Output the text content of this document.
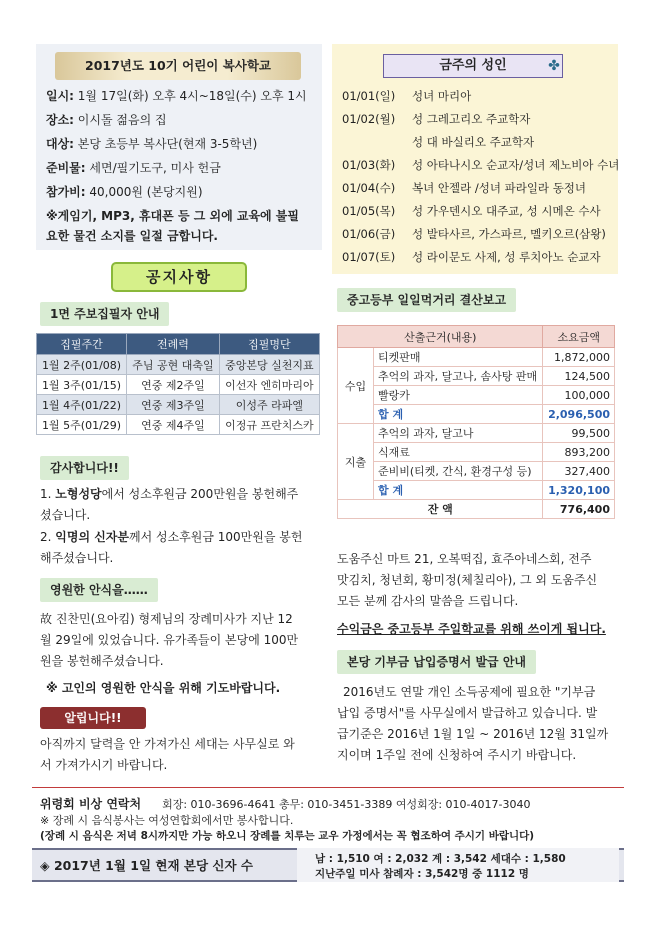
2017년도 10기 어린이 복사학교
일시: 1월 17일(화) 오후 4시~18일(수) 오후 1시
장소: 이시돌 젊음의 집
대상: 본당 초등부 복사단(현재 3-5학년)
준비물: 세면/필기도구, 미사 헌금
참가비: 40,000원 (본당지원)
※게임기, MP3, 휴대폰 등 그 외에 교육에 불필
요한 물건 소지를 일절 금합니다.
금주의 성인	✤
01/01(일) 성녀 마리아
01/02(월) 성 그레고리오 주교학자
성 대 바실리오 주교학자
01/03(화) 성 아타나시오 순교자/성녀 제노비아 수녀
01/04(수) 복녀 안젤라 /성녀 파라일라 동정녀
01/05(목) 성 가우덴시오 대주교, 성 시메온 수사
01/06(금) 성 발타사르, 가스파르, 멜키오르(삼왕)
01/07(토) 성 라이문도 사제, 성 루치아노 순교자
공지사항
1면 주보집필자 안내
집필주간	전례력	집필명단
1월 2주(01/08)	주님 공현 대축일	중앙본당 실천지표
1월 3주(01/15)	연중 제2주일	이선자 엔히마리아
1월 4주(01/22)	연중 제3주일	이성주 라파엘
1월 5주(01/29)	연중 제4주일	이정규 프란치스카
감사합니다!!
1. 노형성당에서 성소후원금 200만원을 봉헌해주
셨습니다.
2. 익명의 신자분께서 성소후원금 100만원을 봉헌
해주셨습니다.
영원한 안식을……
故 진찬민(요아킴) 형제님의 장례미사가 지난 12
월 29일에 있었습니다. 유가족들이 본당에 100만
원을 봉헌해주셨습니다.
※ 고인의 영원한 안식을 위해 기도바랍니다.
알립니다!!
아직까지 달력을 안 가져가신 세대는 사무실로 와
서 가져가시기 바랍니다.
중고등부 일일먹거리 결산보고
산출근거(내용)		소요금액
수입	티켓판매	1,872,000
	추억의 과자, 달고나, 솜사탕 판매	124,500
	빨랑카	100,000
	합 계	2,096,500
지출	추억의 과자, 달고나	99,500
	식재료	893,200
	준비비(티켓, 간식, 환경구성 등)	327,400
	합 계	1,320,100
잔 액		776,400
도움주신 마트 21, 오복떡집, 효주아네스회, 전주
맛김치, 청년회, 황미정(체칠리아), 그 외 도움주신
모든 분께 감사의 말씀을 드립니다.
수익금은 중고등부 주일학교를 위해 쓰이게 됩니다.
본당 기부금 납입증명서 발급 안내
2016년도 연말 개인 소득공제에 필요한 "기부금
납입 증명서"를 사무실에서 발급하고 있습니다. 발
급기준은 2016년 1월 1일 ~ 2016년 12월 31일까
지이며 1주일 전에 신청하여 주시기 바랍니다.
위령회 비상 연락처 회장: 010-3696-4641 총무: 010-3451-3389 여성회장: 010-4017-3040
※ 장례 시 음식봉사는 여성연합회에서만 봉사합니다.
(장례 시 음식은 저녁 8시까지만 가능 하오니 장례를 치루는 교우 가정에서는 꼭 협조하여 주시기 바랍니다)
◈ 2017년 1월 1일 현재 본당 신자 수	남 : 1,510 여 : 2,032 계 : 3,542 세대수 : 1,580
지난주일 미사 참례자 : 3,542명 중 1112 명
